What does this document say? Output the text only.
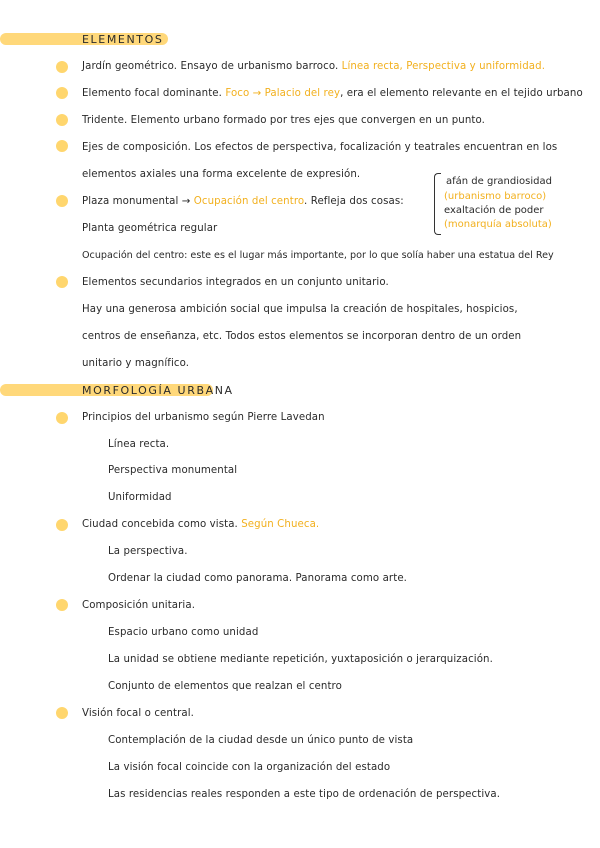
ELEMENTOS
Jardín geométrico. Ensayo de urbanismo barroco. Línea recta, Perspectiva y uniformidad.
Elemento focal dominante. Foco → Palacio del rey, era el elemento relevante en el tejido urbano
Tridente. Elemento urbano formado por tres ejes que convergen en un punto.
Ejes de composición. Los efectos de perspectiva, focalización y teatrales encuentran en los
elementos axiales una forma excelente de expresión.
Plaza monumental → Ocupación del centro. Refleja dos cosas:
afán de grandiosidad
(urbanismo barroco)
exaltación de poder
(monarquía absoluta)
Planta geométrica regular
Ocupación del centro: este es el lugar más importante, por lo que solía haber una estatua del Rey
Elementos secundarios integrados en un conjunto unitario.
Hay una generosa ambición social que impulsa la creación de hospitales, hospicios,
centros de enseñanza, etc. Todos estos elementos se incorporan dentro de un orden
unitario y magnífico.
MORFOLOGÍA URBANA
Principios del urbanismo según Pierre Lavedan
Línea recta.
Perspectiva monumental
Uniformidad
Ciudad concebida como vista. Según Chueca.
La perspectiva.
Ordenar la ciudad como panorama. Panorama como arte.
Composición unitaria.
Espacio urbano como unidad
La unidad se obtiene mediante repetición, yuxtaposición o jerarquización.
Conjunto de elementos que realzan el centro
Visión focal o central.
Contemplación de la ciudad desde un único punto de vista
La visión focal coincide con la organización del estado
Las residencias reales responden a este tipo de ordenación de perspectiva.
